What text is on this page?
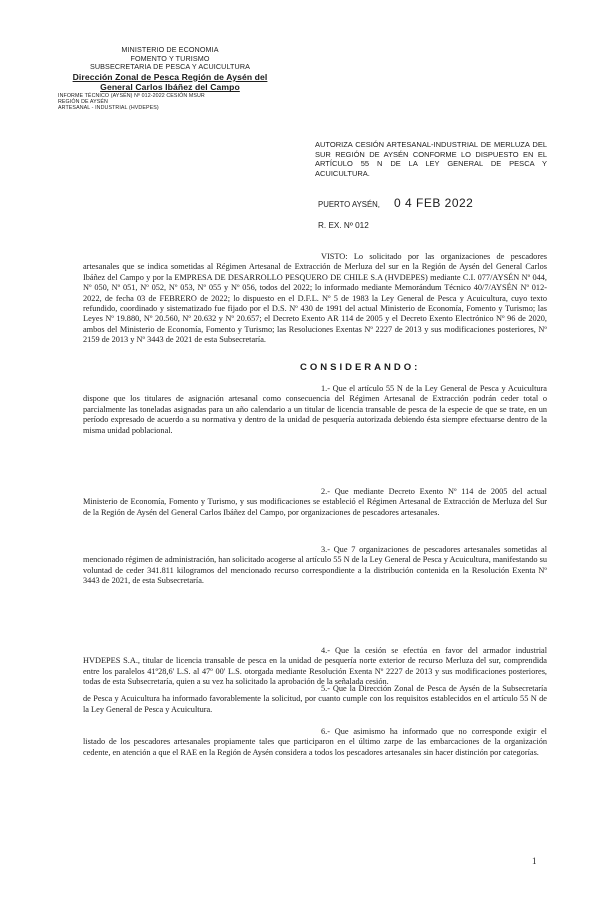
MINISTERIO DE ECONOMIA
FOMENTO Y TURISMO
SUBSECRETARIA DE PESCA Y ACUICULTURA
Dirección Zonal de Pesca Región de Aysén del
General Carlos Ibáñez del Campo
INFORME TÉCNICO (AYSÉN) Nº 012-2022 CESIÓN MSUR
REGIÓN DE AYSÉN
ARTESANAL - INDUSTRIAL (HVDEPES)
AUTORIZA CESIÓN ARTESANAL-INDUSTRIAL DE MERLUZA DEL SUR REGIÓN DE AYSÉN CONFORME LO DISPUESTO EN EL ARTÍCULO 55 N DE LA LEY GENERAL DE PESCA Y ACUICULTURA.
PUERTO AYSÉN, 0 4 FEB 2022
R. EX. Nº 012
VISTO: Lo solicitado por las organizaciones de pescadores artesanales que se indica sometidas al Régimen Artesanal de Extracción de Merluza del sur en la Región de Aysén del General Carlos Ibáñez del Campo y por la EMPRESA DE DESARROLLO PESQUERO DE CHILE S.A (HVDEPES) mediante C.I. 077/AYSÉN Nº 044, Nº 050, Nº 051, Nº 052, Nº 053, Nº 055 y Nº 056, todos del 2022; lo informado mediante Memorándum Técnico 40/7/AYSÉN Nº 012-2022, de fecha 03 de FEBRERO de 2022; lo dispuesto en el D.F.L. Nº 5 de 1983 la Ley General de Pesca y Acuicultura, cuyo texto refundido, coordinado y sistematizado fue fijado por el D.S. Nº 430 de 1991 del actual Ministerio de Economía, Fomento y Turismo; las Leyes Nº 19.880, Nº 20.560, Nº 20.632 y Nº 20.657; el Decreto Exento AR 114 de 2005 y el Decreto Exento Electrónico Nº 96 de 2020, ambos del Ministerio de Economía, Fomento y Turismo; las Resoluciones Exentas Nº 2227 de 2013 y sus modificaciones posteriores, Nº 2159 de 2013 y Nº 3443 de 2021 de esta Subsecretaría.
CONSIDERANDO:
1.- Que el artículo 55 N de la Ley General de Pesca y Acuicultura dispone que los titulares de asignación artesanal como consecuencia del Régimen Artesanal de Extracción podrán ceder total o parcialmente las toneladas asignadas para un año calendario a un titular de licencia transable de pesca de la especie de que se trate, en un período expresado de acuerdo a su normativa y dentro de la unidad de pesquería autorizada debiendo ésta siempre efectuarse dentro de la misma unidad poblacional.
2.- Que mediante Decreto Exento Nº 114 de 2005 del actual Ministerio de Economía, Fomento y Turismo, y sus modificaciones se estableció el Régimen Artesanal de Extracción de Merluza del Sur de la Región de Aysén del General Carlos Ibáñez del Campo, por organizaciones de pescadores artesanales.
3.- Que 7 organizaciones de pescadores artesanales sometidas al mencionado régimen de administración, han solicitado acogerse al artículo 55 N de la Ley General de Pesca y Acuicultura, manifestando su voluntad de ceder 341.811 kilogramos del mencionado recurso correspondiente a la distribución contenida en la Resolución Exenta Nº 3443 de 2021, de esta Subsecretaría.
4.- Que la cesión se efectúa en favor del armador industrial HVDEPES S.A., titular de licencia transable de pesca en la unidad de pesquería norte exterior de recurso Merluza del sur, comprendida entre los paralelos 41º28,6' L.S. al 47º 00' L.S. otorgada mediante Resolución Exenta Nº 2227 de 2013 y sus modificaciones posteriores, todas de esta Subsecretaría, quien a su vez ha solicitado la aprobación de la señalada cesión.
5.- Que la Dirección Zonal de Pesca de Aysén de la Subsecretaría de Pesca y Acuicultura ha informado favorablemente la solicitud, por cuanto cumple con los requisitos establecidos en el artículo 55 N de la Ley General de Pesca y Acuicultura.
6.- Que asimismo ha informado que no corresponde exigir el listado de los pescadores artesanales propiamente tales que participaron en el último zarpe de las embarcaciones de la organización cedente, en atención a que el RAE en la Región de Aysén considera a todos los pescadores artesanales sin hacer distinción por categorías.
1
